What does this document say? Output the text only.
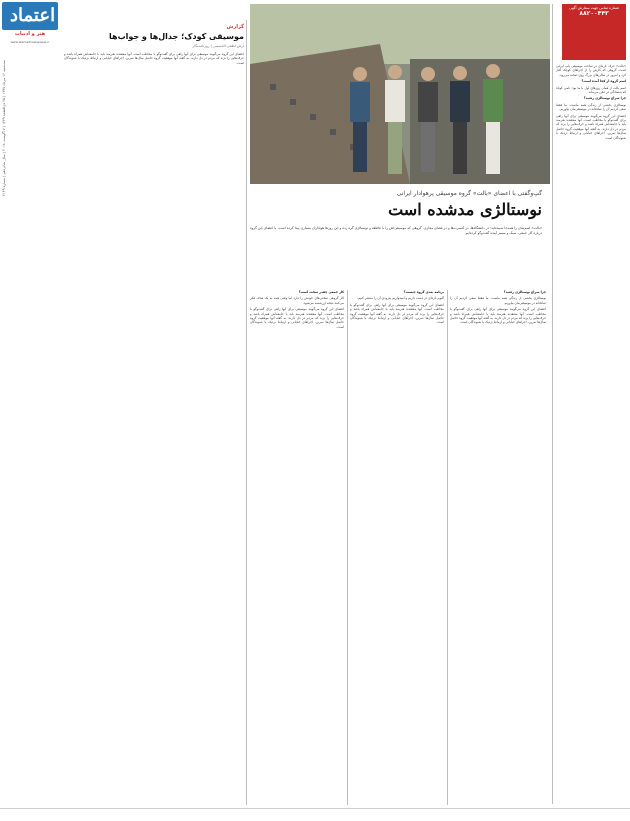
اعتماد
هنر و ادبیات
www.etemadnewspaper.ir
سه‌شنبه ۱۶ مرداد ۱۳۹۷ | ۲۵ ذی‌القعده ۱۴۳۹ | ۷ آگوست ۲۰۱۸ | سال شانزدهم | شماره ۴۱۴۹
گزارش
موسیقی کودک؛ جدال‌ها و جواب‌ها
آرش لطفی الحسینی | روزنامه‌نگار

اعضای این گروه می‌گویند موسیقی برای آنها راهی برای گفت‌وگو با مخاطب است. آنها معتقدند هنرمند باید با جامعه‌اش همراه باشد و حرف‌هایی را بزند که مردم در دل دارند. به گفته آنها موفقیت گروه حاصل سال‌ها تمرین، اجراهای خیابانی و ارتباط نزدیک با شنوندگان است.

شماره تماس جهت سفارش آگهی
۸۸۲۰۰۴۴۳

«بالت» حرف تازه‌ای در ساحت موسیقی پاپ ایرانی است. گروهی که کارش را از اجراهای کوچک آغاز کرد و امروز در سالن‌های بزرگ روی صحنه می‌رود.

اسم گروه از کجا آمده است؟

اسم بالت از همان روزهای اول با ما بود؛ نامی کوتاه که به‌سادگی در ذهن می‌ماند.

چرا سراغ نوستالژی رفتید؟

نوستالژی بخشی از زندگی همه ماست. ما فقط سعی کردیم آن را صادقانه در موسیقی‌مان بیاوریم.

اعضای این گروه می‌گویند موسیقی برای آنها راهی برای گفت‌وگو با مخاطب است. آنها معتقدند هنرمند باید با جامعه‌اش همراه باشد و حرف‌هایی را بزند که مردم در دل دارند. به گفته آنها موفقیت گروه حاصل سال‌ها تمرین، اجراهای خیابانی و ارتباط نزدیک با شنوندگان است.

گپ‌وگفتی با اعضای «بالت» گروه موسیقی پرهوادار ایرانی
نوستالژی مدشده است
«بالت» اسم‌شان را همه‌جا شنیده‌اید؛ در دانشگاه‌ها، در کنسرت‌ها و در فضای مجازی. گروهی که موسیقی‌اش را با عاطفه و نوستالژی گره زده و این روزها هواداران بسیاری پیدا کرده است. با اعضای این گروه درباره کار جمعی، سبک و مسیر آینده گفت‌وگو کرده‌ایم.

کار جمعی چقدر سخت است؟

کار گروهی سختی‌های خودش را دارد اما وقتی همه به یک هدف فکر می‌کنند نتیجه ارزشمند می‌شود.

اعضای این گروه می‌گویند موسیقی برای آنها راهی برای گفت‌وگو با مخاطب است. آنها معتقدند هنرمند باید با جامعه‌اش همراه باشد و حرف‌هایی را بزند که مردم در دل دارند. به گفته آنها موفقیت گروه حاصل سال‌ها تمرین، اجراهای خیابانی و ارتباط نزدیک با شنوندگان است.

برنامه بعدی گروه چیست؟

آلبوم تازه‌ای در دست داریم و امیدواریم به‌زودی آن را منتشر کنیم.

اعضای این گروه می‌گویند موسیقی برای آنها راهی برای گفت‌وگو با مخاطب است. آنها معتقدند هنرمند باید با جامعه‌اش همراه باشد و حرف‌هایی را بزند که مردم در دل دارند. به گفته آنها موفقیت گروه حاصل سال‌ها تمرین، اجراهای خیابانی و ارتباط نزدیک با شنوندگان است.

چرا سراغ نوستالژی رفتید؟

نوستالژی بخشی از زندگی همه ماست. ما فقط سعی کردیم آن را صادقانه در موسیقی‌مان بیاوریم.

اعضای این گروه می‌گویند موسیقی برای آنها راهی برای گفت‌وگو با مخاطب است. آنها معتقدند هنرمند باید با جامعه‌اش همراه باشد و حرف‌هایی را بزند که مردم در دل دارند. به گفته آنها موفقیت گروه حاصل سال‌ها تمرین، اجراهای خیابانی و ارتباط نزدیک با شنوندگان است.
